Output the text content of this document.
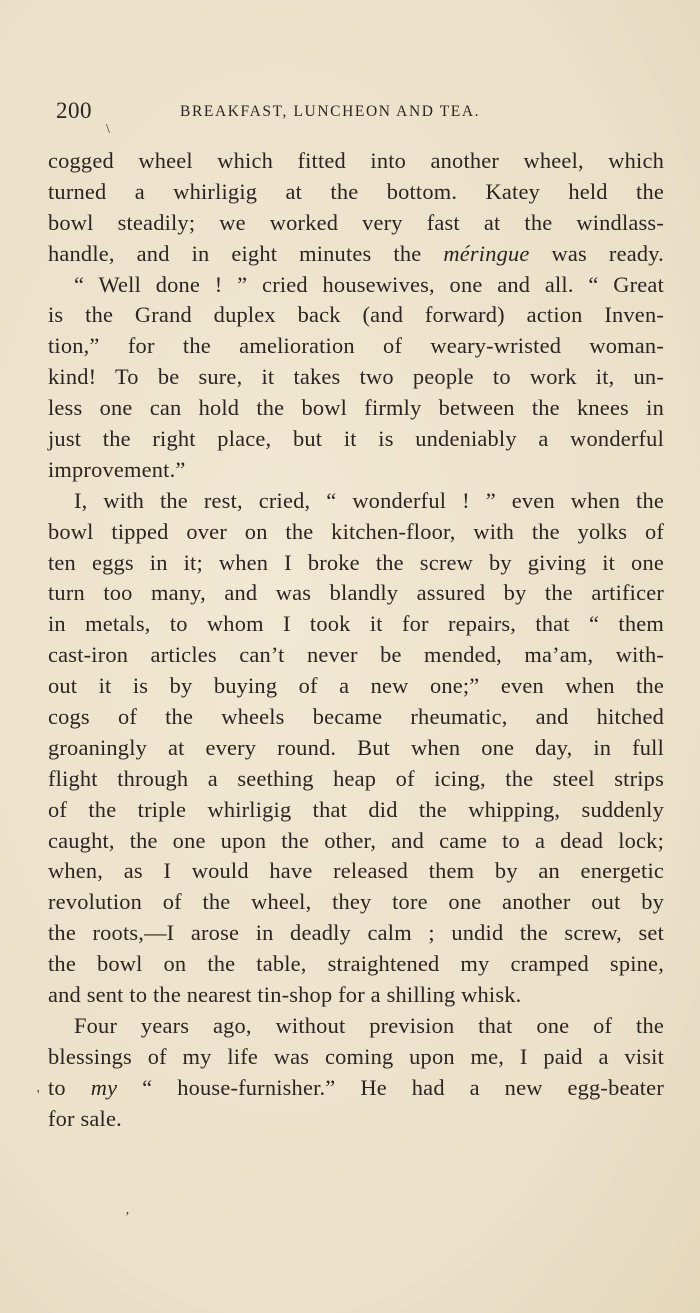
200	BREAKFAST, LUNCHEON AND TEA.
\
'
ʼ
cogged wheel which fitted into another wheel, which
turned a whirligig at the bottom. Katey held the
bowl steadily; we worked very fast at the windlass-
handle, and in eight minutes the méringue was ready.
“ Well done ! ” cried housewives, one and all. “ Great
is the Grand duplex back (and forward) action Inven-
tion,” for the amelioration of weary-wristed woman-
kind! To be sure, it takes two people to work it, un-
less one can hold the bowl firmly between the knees in
just the right place, but it is undeniably a wonderful
improvement.”
I, with the rest, cried, “ wonderful ! ” even when the
bowl tipped over on the kitchen-floor, with the yolks of
ten eggs in it; when I broke the screw by giving it one
turn too many, and was blandly assured by the artificer
in metals, to whom I took it for repairs, that “ them
cast-iron articles can’t never be mended, ma’am, with-
out it is by buying of a new one;” even when the
cogs of the wheels became rheumatic, and hitched
groaningly at every round. But when one day, in full
flight through a seething heap of icing, the steel strips
of the triple whirligig that did the whipping, suddenly
caught, the one upon the other, and came to a dead lock;
when, as I would have released them by an energetic
revolution of the wheel, they tore one another out by
the roots,—I arose in deadly calm ; undid the screw, set
the bowl on the table, straightened my cramped spine,
and sent to the nearest tin-shop for a shilling whisk.
Four years ago, without prevision that one of the
blessings of my life was coming upon me, I paid a visit
to my “ house-furnisher.” He had a new egg-beater
for sale.
